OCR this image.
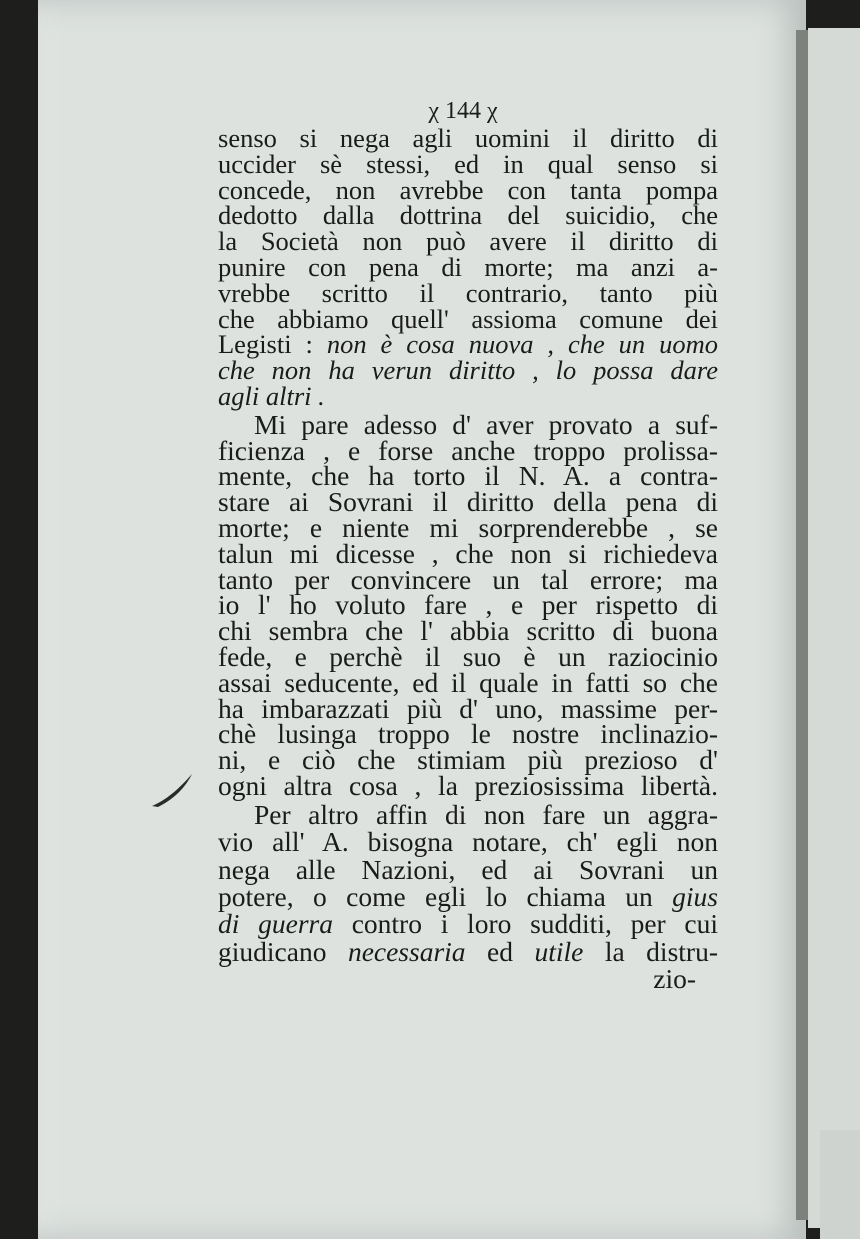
χ 144 χ
senso si nega agli uomini il diritto di
uccider sè stessi, ed in qual senso si
concede, non avrebbe con tanta pompa
dedotto dalla dottrina del suicidio, che
la Società non può avere il diritto di
punire con pena di morte; ma anzi a-
vrebbe scritto il contrario, tanto più
che abbiamo quell' assioma comune dei
Legisti : non è cosa nuova , che un uomo
che non ha verun diritto , lo possa dare
agli altri .
Mi pare adesso d' aver provato a suf-
ficienza , e forse anche troppo prolissa-
mente, che ha torto il N. A. a contra-
stare ai Sovrani il diritto della pena di
morte; e niente mi sorprenderebbe , se
talun mi dicesse , che non si richiedeva
tanto per convincere un tal errore; ma
io l' ho voluto fare , e per rispetto di
chi sembra che l' abbia scritto di buona
fede, e perchè il suo è un raziocinio
assai seducente, ed il quale in fatti so che
ha imbarazzati più d' uno, massime per-
chè lusinga troppo le nostre inclinazio-
ni, e ciò che stimiam più prezioso d'
ogni altra cosa , la preziosissima libertà.
Per altro affin di non fare un aggra-
vio all' A. bisogna notare, ch' egli non
nega alle Nazioni, ed ai Sovrani un
potere, o come egli lo chiama un gius
di guerra contro i loro sudditi, per cui
giudicano necessaria ed utile la distru-
zio-
